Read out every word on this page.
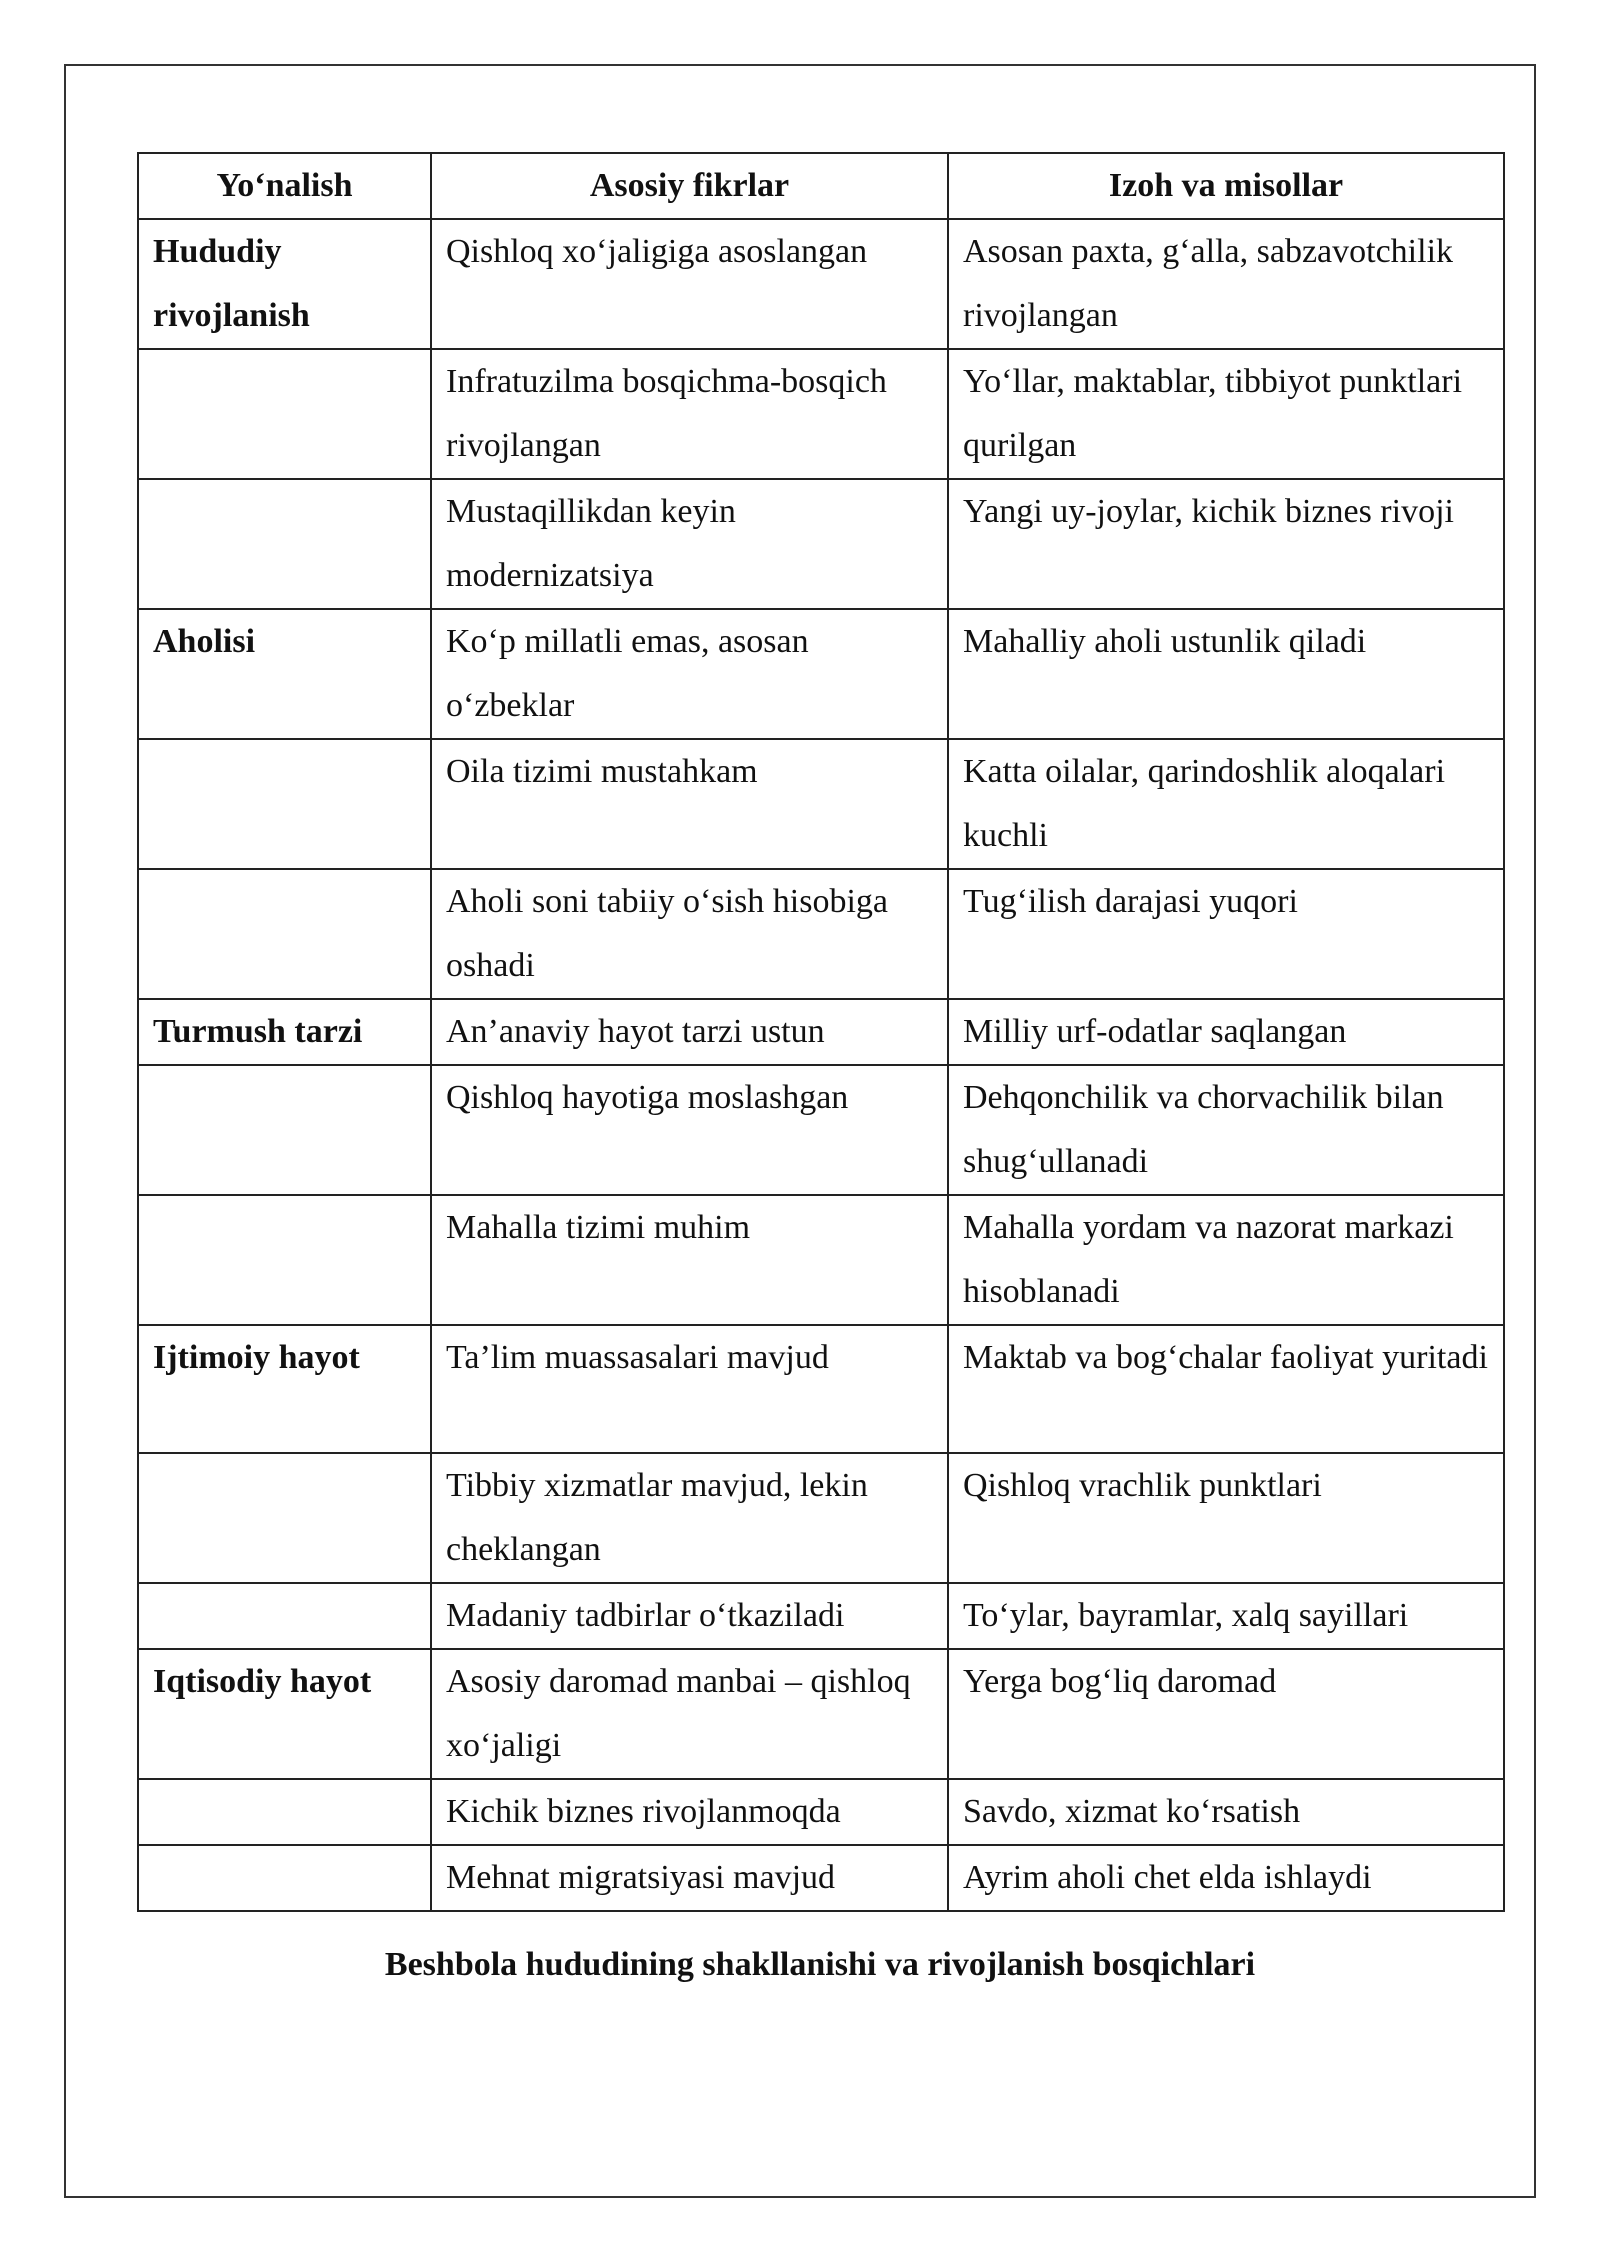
Yo‘nalish	Asosiy fikrlar	Izoh va misollar
Hududiy rivojlanish	Qishloq xo‘jaligiga asoslangan	Asosan paxta, g‘alla, sabzavotchilik rivojlangan
	Infratuzilma bosqichma-bosqich rivojlangan	Yo‘llar, maktablar, tibbiyot punktlari qurilgan
	Mustaqillikdan keyin modernizatsiya	Yangi uy-joylar, kichik biznes rivoji
Aholisi	Ko‘p millatli emas, asosan o‘zbeklar	Mahalliy aholi ustunlik qiladi
	Oila tizimi mustahkam	Katta oilalar, qarindoshlik aloqalari kuchli
	Aholi soni tabiiy o‘sish hisobiga oshadi	Tug‘ilish darajasi yuqori
Turmush tarzi	An’anaviy hayot tarzi ustun	Milliy urf-odatlar saqlangan
	Qishloq hayotiga moslashgan	Dehqonchilik va chorvachilik bilan shug‘ullanadi
	Mahalla tizimi muhim	Mahalla yordam va nazorat markazi hisoblanadi
Ijtimoiy hayot	Ta’lim muassasalari mavjud	Maktab va bog‘chalar faoliyat yuritadi
	Tibbiy xizmatlar mavjud, lekin cheklangan	Qishloq vrachlik punktlari
	Madaniy tadbirlar o‘tkaziladi	To‘ylar, bayramlar, xalq sayillari
Iqtisodiy hayot	Asosiy daromad manbai – qishloq xo‘jaligi	Yerga bog‘liq daromad
	Kichik biznes rivojlanmoqda	Savdo, xizmat ko‘rsatish
	Mehnat migratsiyasi mavjud	Ayrim aholi chet elda ishlaydi
Beshbola hududining shakllanishi va rivojlanish bosqichlari
